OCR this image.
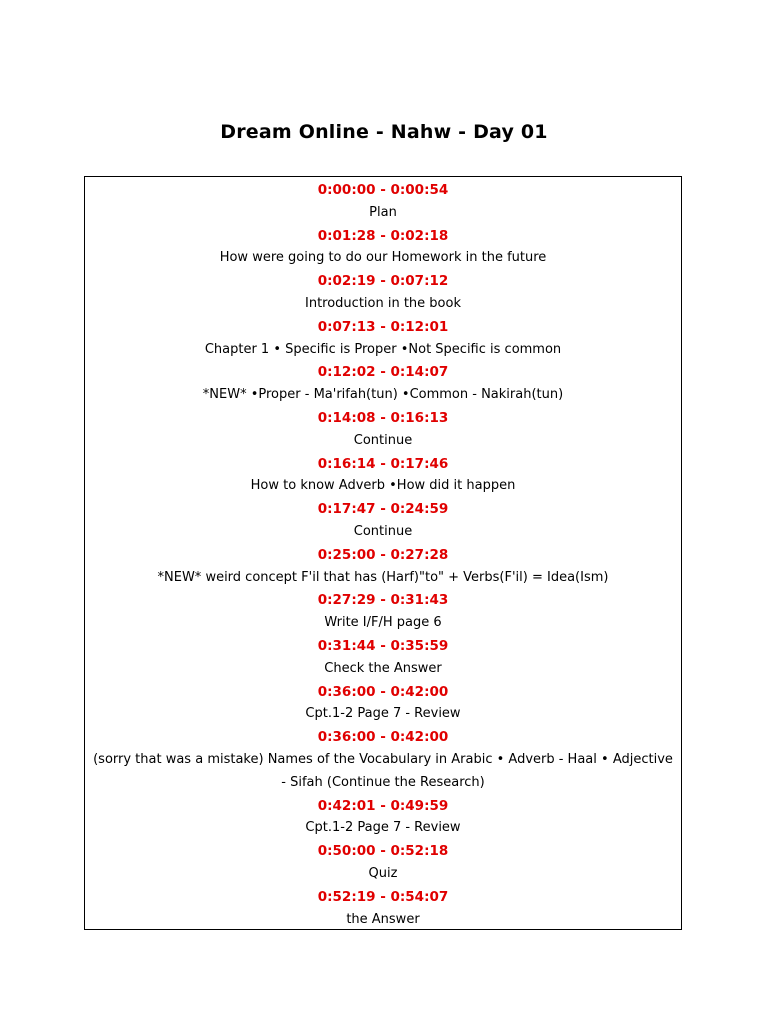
Dream Online - Nahw - Day 01
0:00:00 - 0:00:54
Plan
0:01:28 - 0:02:18
How were going to do our Homework in the future
0:02:19 - 0:07:12
Introduction in the book
0:07:13 - 0:12:01
Chapter 1 • Specific is Proper •Not Specific is common
0:12:02 - 0:14:07
*NEW* •Proper - Ma'rifah(tun) •Common - Nakirah(tun)
0:14:08 - 0:16:13
Continue
0:16:14 - 0:17:46
How to know Adverb •How did it happen
0:17:47 - 0:24:59
Continue
0:25:00 - 0:27:28
*NEW* weird concept F'il that has (Harf)"to" + Verbs(F'il) = Idea(Ism)
0:27:29 - 0:31:43
Write I/F/H page 6
0:31:44 - 0:35:59
Check the Answer
0:36:00 - 0:42:00
Cpt.1-2 Page 7 - Review
0:36:00 - 0:42:00
(sorry that was a mistake) Names of the Vocabulary in Arabic • Adverb - Haal • Adjective - Sifah (Continue the Research)
0:42:01 - 0:49:59
Cpt.1-2 Page 7 - Review
0:50:00 - 0:52:18
Quiz
0:52:19 - 0:54:07
the Answer
